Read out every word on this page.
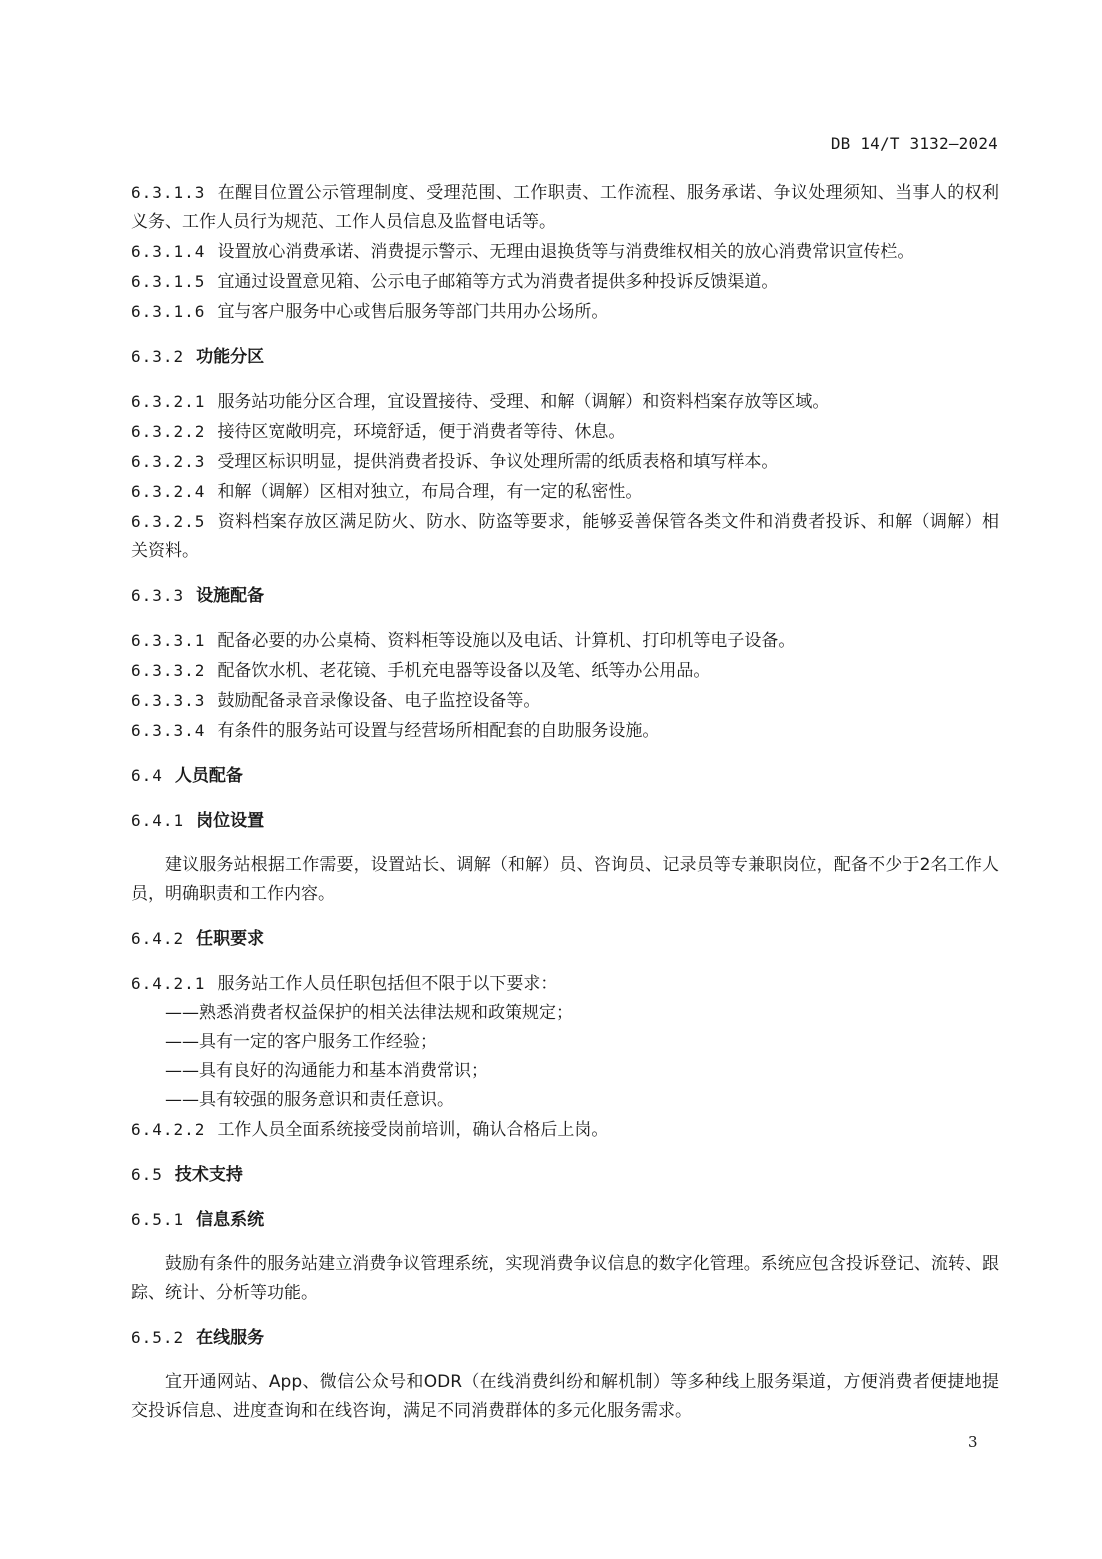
DB 14/T 3132—2024

6.3.1.3 在醒目位置公示管理制度、受理范围、工作职责、工作流程、服务承诺、争议处理须知、当事人的权利义务、工作人员行为规范、工作人员信息及监督电话等。

6.3.1.4 设置放心消费承诺、消费提示警示、无理由退换货等与消费维权相关的放心消费常识宣传栏。

6.3.1.5 宜通过设置意见箱、公示电子邮箱等方式为消费者提供多种投诉反馈渠道。

6.3.1.6 宜与客户服务中心或售后服务等部门共用办公场所。

6.3.2 功能分区

6.3.2.1 服务站功能分区合理，宜设置接待、受理、和解（调解）和资料档案存放等区域。

6.3.2.2 接待区宽敞明亮，环境舒适，便于消费者等待、休息。

6.3.2.3 受理区标识明显，提供消费者投诉、争议处理所需的纸质表格和填写样本。

6.3.2.4 和解（调解）区相对独立，布局合理，有一定的私密性。

6.3.2.5 资料档案存放区满足防火、防水、防盗等要求，能够妥善保管各类文件和消费者投诉、和解（调解）相关资料。

6.3.3 设施配备

6.3.3.1 配备必要的办公桌椅、资料柜等设施以及电话、计算机、打印机等电子设备。

6.3.3.2 配备饮水机、老花镜、手机充电器等设备以及笔、纸等办公用品。

6.3.3.3 鼓励配备录音录像设备、电子监控设备等。

6.3.3.4 有条件的服务站可设置与经营场所相配套的自助服务设施。

6.4 人员配备

6.4.1 岗位设置

建议服务站根据工作需要，设置站长、调解（和解）员、咨询员、记录员等专兼职岗位，配备不少于2名工作人员，明确职责和工作内容。

6.4.2 任职要求

6.4.2.1 服务站工作人员任职包括但不限于以下要求：

——熟悉消费者权益保护的相关法律法规和政策规定；

——具有一定的客户服务工作经验；

——具有良好的沟通能力和基本消费常识；

——具有较强的服务意识和责任意识。

6.4.2.2 工作人员全面系统接受岗前培训，确认合格后上岗。

6.5 技术支持

6.5.1 信息系统

鼓励有条件的服务站建立消费争议管理系统，实现消费争议信息的数字化管理。系统应包含投诉登记、流转、跟踪、统计、分析等功能。

6.5.2 在线服务

宜开通网站、App、微信公众号和ODR（在线消费纠纷和解机制）等多种线上服务渠道，方便消费者便捷地提交投诉信息、进度查询和在线咨询，满足不同消费群体的多元化服务需求。

3
